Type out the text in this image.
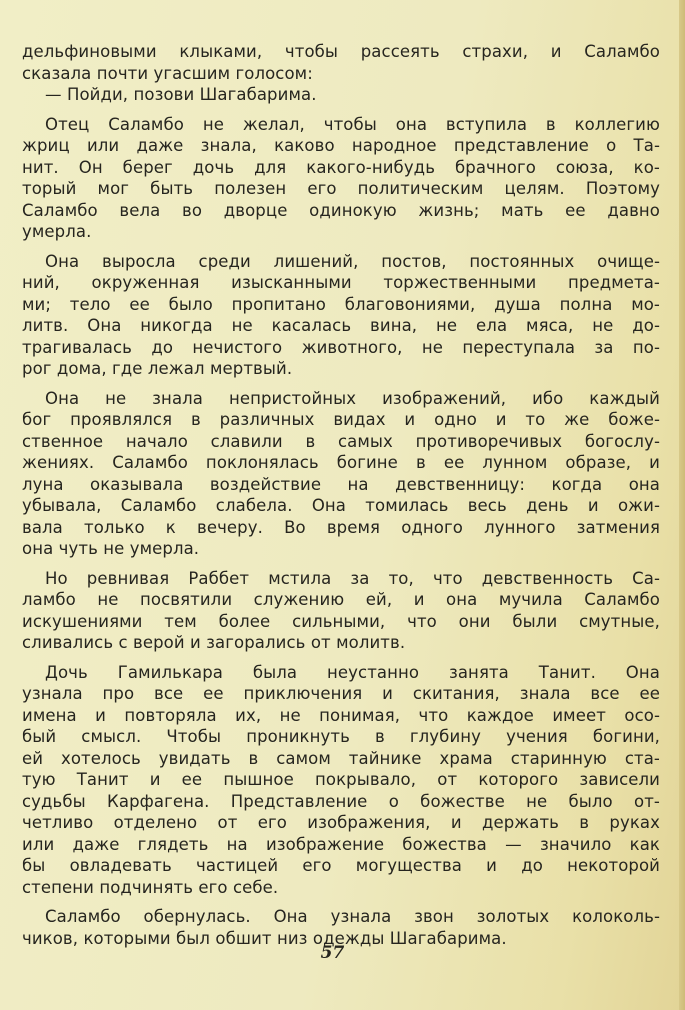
дельфиновыми клыками, чтобы рассеять страхи, и Саламбо
сказала почти угасшим голосом:
— Пойди, позови Шагабарима.
Отец Саламбо не желал, чтобы она вступила в коллегию
жриц или даже знала, каково народное представление о Та-
нит. Он берег дочь для какого-нибудь брачного союза, ко-
торый мог быть полезен его политическим целям. Поэтому
Саламбо вела во дворце одинокую жизнь; мать ее давно
умерла.
Она выросла среди лишений, постов, постоянных очище-
ний, окруженная изысканными торжественными предмета-
ми; тело ее было пропитано благовониями, душа полна мо-
литв. Она никогда не касалась вина, не ела мяса, не до-
трагивалась до нечистого животного, не переступала за по-
рог дома, где лежал мертвый.
Она не знала непристойных изображений, ибо каждый
бог проявлялся в различных видах и одно и то же боже-
ственное начало славили в самых противоречивых богослу-
жениях. Саламбо поклонялась богине в ее лунном образе, и
луна оказывала воздействие на девственницу: когда она
убывала, Саламбо слабела. Она томилась весь день и ожи-
вала только к вечеру. Во время одного лунного затмения
она чуть не умерла.
Но ревнивая Раббет мстила за то, что девственность Са-
ламбо не посвятили служению ей, и она мучила Саламбо
искушениями тем более сильными, что они были смутные,
сливались с верой и загорались от молитв.
Дочь Гамилькара была неустанно занята Танит. Она
узнала про все ее приключения и скитания, знала все ее
имена и повторяла их, не понимая, что каждое имеет осо-
бый смысл. Чтобы проникнуть в глубину учения богини,
ей хотелось увидать в самом тайнике храма старинную ста-
тую Танит и ее пышное покрывало, от которого зависели
судьбы Карфагена. Представление о божестве не было от-
четливо отделено от его изображения, и держать в руках
или даже глядеть на изображение божества — значило как
бы овладевать частицей его могущества и до некоторой
степени подчинять его себе.
Саламбо обернулась. Она узнала звон золотых колоколь-
чиков, которыми был обшит низ одежды Шагабарима.
57
